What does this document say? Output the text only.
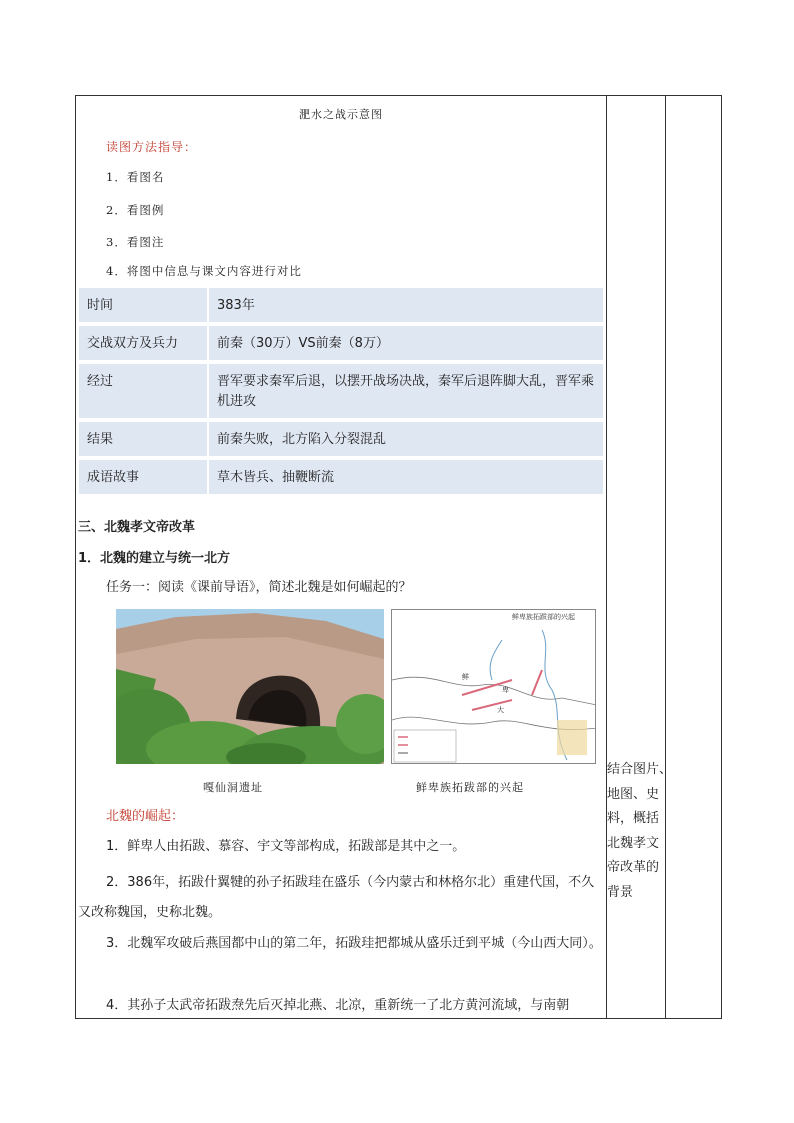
淝水之战示意图
读图方法指导：
1．看图名
2．看图例
3．看图注
4．将图中信息与课文内容进行对比
时间	383年
交战双方及兵力	前秦（30万）VS前秦（8万）
经过	晋军要求秦军后退，以摆开战场决战，秦军后退阵脚大乱，晋军乘机进攻
结果	前秦失败，北方陷入分裂混乱
成语故事	草木皆兵、抽鞭断流
三、北魏孝文帝改革
1．北魏的建立与统一北方
任务一：阅读《课前导语》，简述北魏是如何崛起的？
鲜卑族拓跋部的兴起
鲜
卑
大
嘎仙洞遗址	鲜卑族拓跋部的兴起
北魏的崛起：
1．鲜卑人由拓跋、慕容、宇文等部构成，拓跋部是其中之一。
2．386年，拓跋什翼犍的孙子拓跋珪在盛乐（今内蒙古和林格尔北）重建代国，不久又改称魏国，史称北魏。
3．北魏军攻破后燕国都中山的第二年，拓跋珪把都城从盛乐迁到平城（今山西大同）。
4．其孙子太武帝拓跋焘先后灭掉北燕、北凉，重新统一了北方黄河流域，与南朝
结合图片、
地图、史
料，概括
北魏孝文
帝改革的
背景
